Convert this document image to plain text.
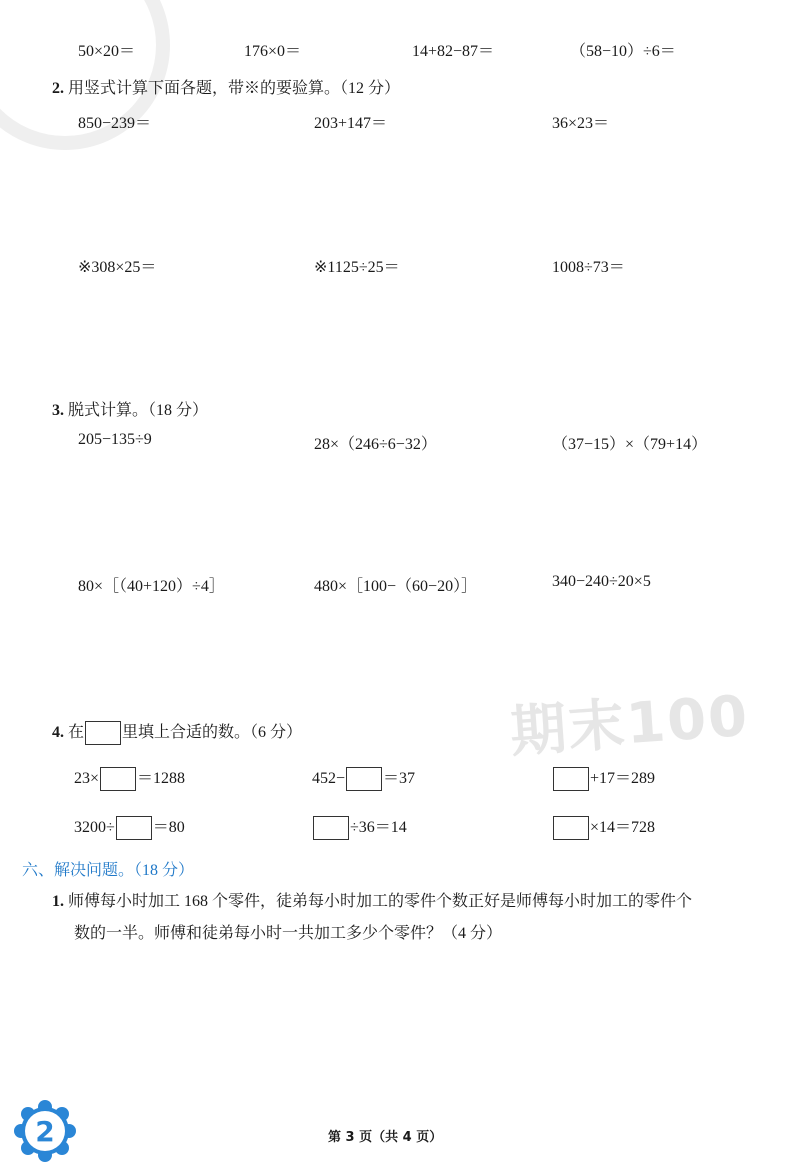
期末100
50×20＝	176×0＝	14+82−87＝	（58−10）÷6＝
2. 用竖式计算下面各题，带※的要验算。（12 分）
850−239＝	203+147＝	36×23＝
※308×25＝	※1125÷25＝	1008÷73＝
3. 脱式计算。（18 分）
205−135÷9	28×（246÷6−32）	（37−15）×（79+14）
80×［（40+120）÷4］	480×［100−（60−20）］	340−240÷20×5
4. 在 里填上合适的数。（6 分）
23× ＝1288	452− ＝37	+17＝289
3200÷ ＝80	÷36＝14	×14＝728
六、解决问题。（18 分）
1. 师傅每小时加工 168 个零件，徒弟每小时加工的零件个数正好是师傅每小时加工的零件个
数的一半。师傅和徒弟每小时一共加工多少个零件？（4 分）
2	第 3 页（共 4 页）
